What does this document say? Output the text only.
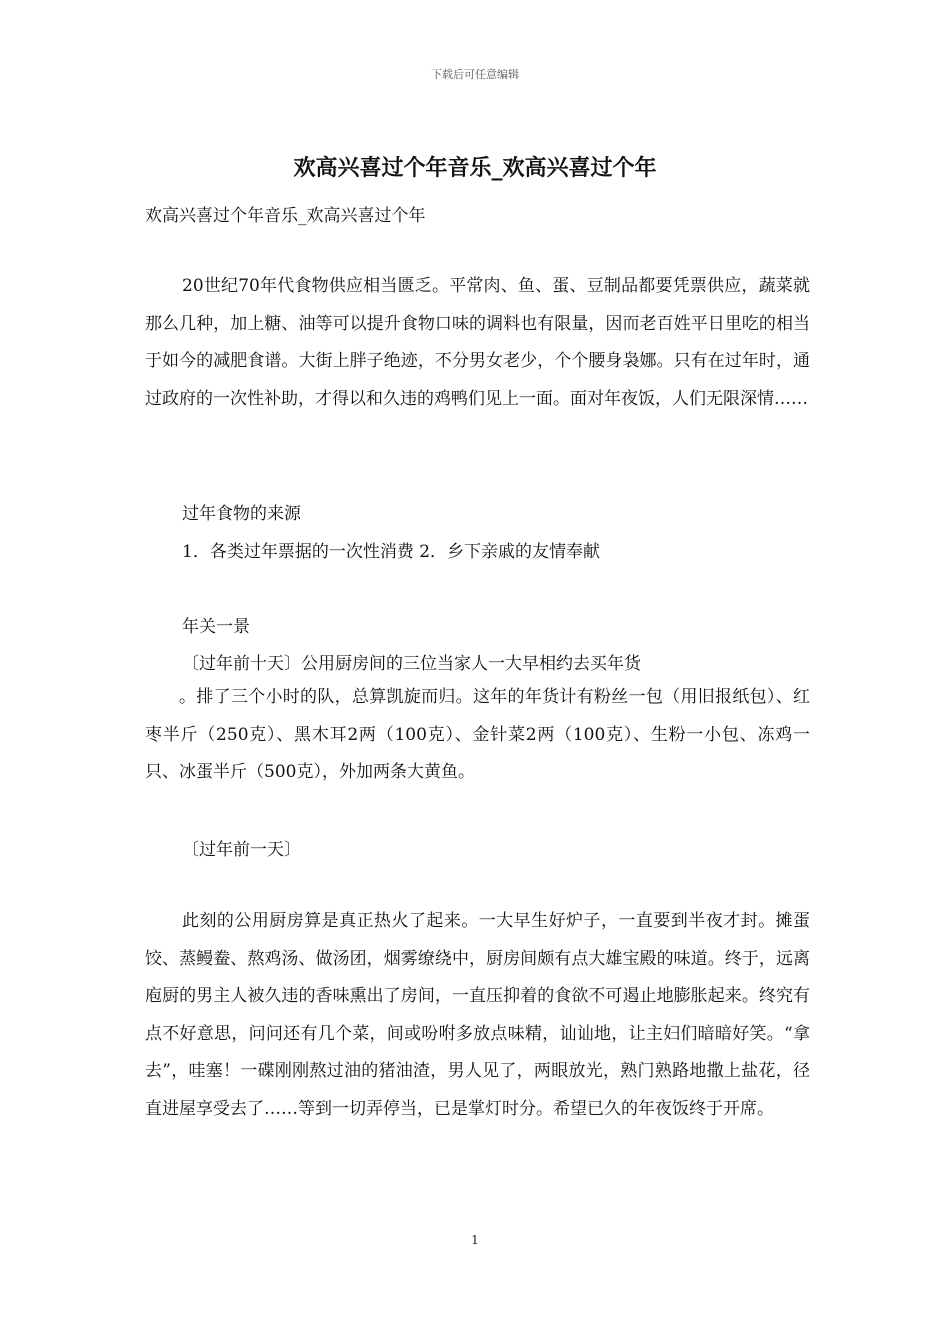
下载后可任意编辑
欢高兴喜过个年音乐_欢高兴喜过个年

欢高兴喜过个年音乐_欢高兴喜过个年

20世纪70年代食物供应相当匮乏。平常肉、鱼、蛋、豆制品都要凭票供应，蔬菜就那么几种，加上糖、油等可以提升食物口味的调料也有限量，因而老百姓平日里吃的相当于如今的减肥食谱。大街上胖子绝迹，不分男女老少，个个腰身袅娜。只有在过年时，通过政府的一次性补助，才得以和久违的鸡鸭们见上一面。面对年夜饭，人们无限深情……

过年食物的来源

1．各类过年票据的一次性消费 2．乡下亲戚的友情奉献

年关一景

〔过年前十天〕公用厨房间的三位当家人一大早相约去买年货

。排了三个小时的队，总算凯旋而归。这年的年货计有粉丝一包（用旧报纸包）、红枣半斤（250克）、黑木耳2两（100克）、金针菜2两（100克）、生粉一小包、冻鸡一只、冰蛋半斤（500克），外加两条大黄鱼。

〔过年前一天〕

此刻的公用厨房算是真正热火了起来。一大早生好炉子，一直要到半夜才封。摊蛋饺、蒸鳗鲞、熬鸡汤、做汤团，烟雾缭绕中，厨房间颇有点大雄宝殿的味道。终于，远离庖厨的男主人被久违的香味熏出了房间，一直压抑着的食欲不可遏止地膨胀起来。终究有点不好意思，问问还有几个菜，间或吩咐多放点味精，讪讪地，让主妇们暗暗好笑。“拿去”，哇塞！一碟刚刚熬过油的猪油渣，男人见了，两眼放光，熟门熟路地撒上盐花，径直进屋享受去了……等到一切弄停当，已是掌灯时分。希望已久的年夜饭终于开席。

1
